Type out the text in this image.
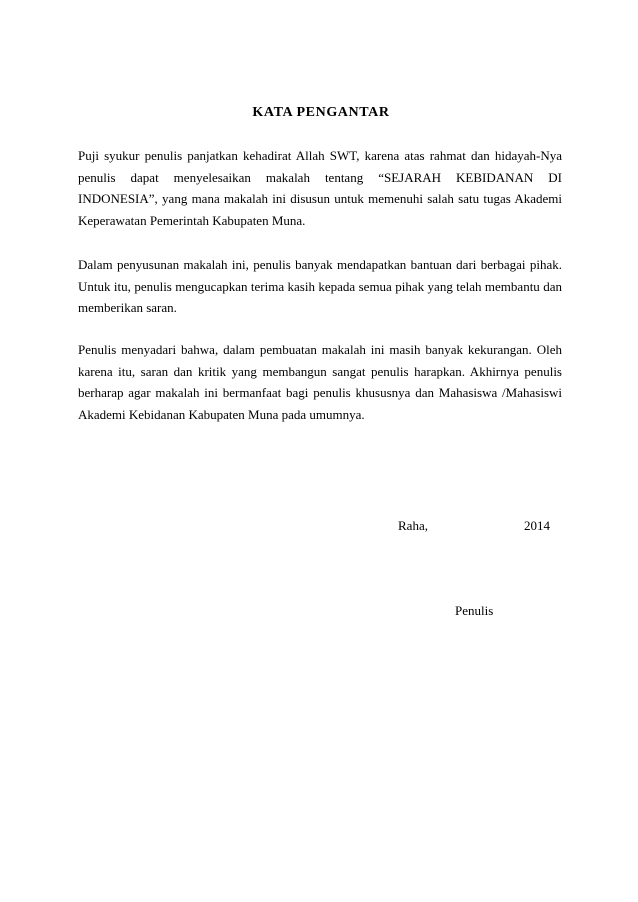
KATA PENGANTAR

Puji syukur penulis panjatkan kehadirat Allah SWT, karena atas rahmat dan hidayah-Nya penulis dapat menyelesaikan makalah tentang “SEJARAH KEBIDANAN DI INDONESIA”, yang mana makalah ini disusun untuk memenuhi salah satu tugas Akademi Keperawatan Pemerintah Kabupaten Muna.

Dalam penyusunan makalah ini, penulis banyak mendapatkan bantuan dari berbagai pihak. Untuk itu, penulis mengucapkan terima kasih kepada semua pihak yang telah membantu dan memberikan saran.

Penulis menyadari bahwa, dalam pembuatan makalah ini masih banyak kekurangan. Oleh karena itu, saran dan kritik yang membangun sangat penulis harapkan. Akhirnya penulis berharap agar makalah ini bermanfaat bagi penulis khususnya dan Mahasiswa /Mahasiswi Akademi Kebidanan Kabupaten Muna pada umumnya.

Raha,	2014
Penulis
